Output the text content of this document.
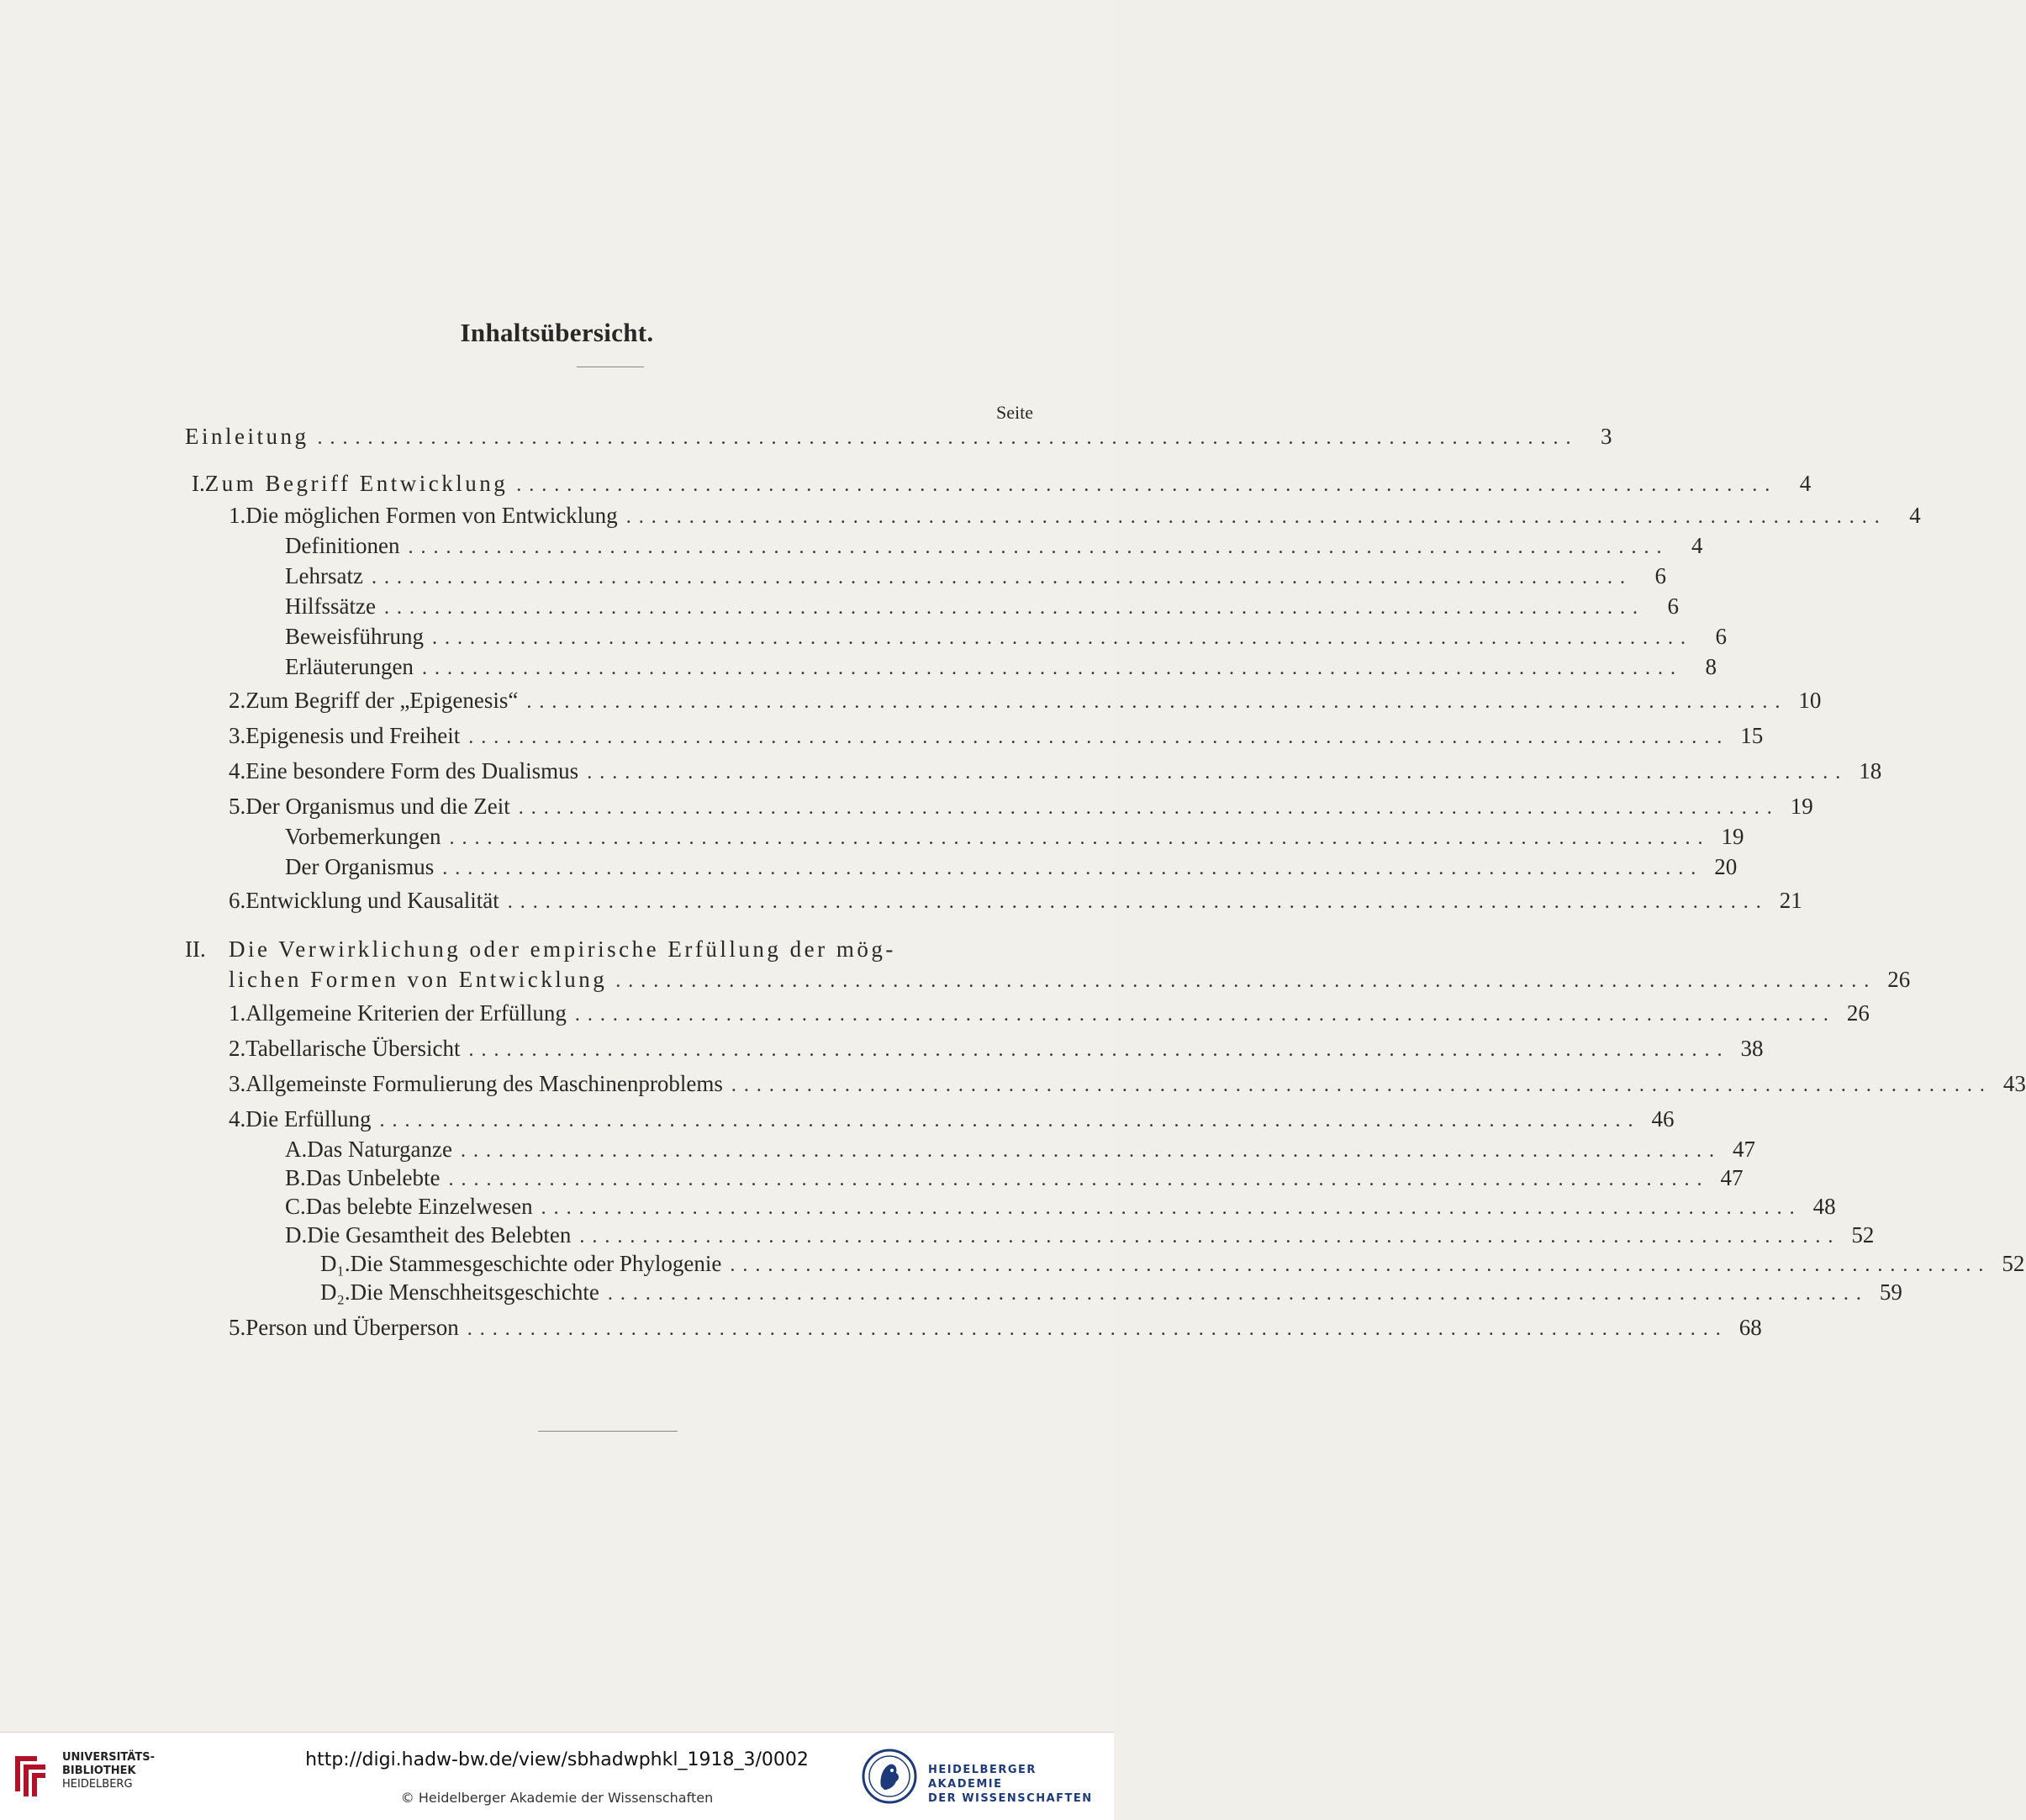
Inhaltsübersicht.
Seite
Einleitung .................................................................................................... 3
I. Zum Begriff Entwicklung .................................................................................................... 4
1. Die möglichen Formen von Entwicklung .................................................................................................... 4
Definitionen .................................................................................................... 4
Lehrsatz .................................................................................................... 6
Hilfssätze .................................................................................................... 6
Beweisführung .................................................................................................... 6
Erläuterungen .................................................................................................... 8
2. Zum Begriff der „Epigenesis“ .................................................................................................... 10
3. Epigenesis und Freiheit .................................................................................................... 15
4. Eine besondere Form des Dualismus .................................................................................................... 18
5. Der Organismus und die Zeit .................................................................................................... 19
Vorbemerkungen .................................................................................................... 19
Der Organismus .................................................................................................... 20
6. Entwicklung und Kausalität .................................................................................................... 21
II. Die Verwirklichung oder empirische Erfüllung der mög-
lichen Formen von Entwicklung .................................................................................................... 26
1. Allgemeine Kriterien der Erfüllung .................................................................................................... 26
2. Tabellarische Übersicht .................................................................................................... 38
3. Allgemeinste Formulierung des Maschinenproblems .................................................................................................... 43
4. Die Erfüllung .................................................................................................... 46
A. Das Naturganze .................................................................................................... 47
B. Das Unbelebte .................................................................................................... 47
C. Das belebte Einzelwesen .................................................................................................... 48
D. Die Gesamtheit des Belebten .................................................................................................... 52
D₁. Die Stammesgeschichte oder Phylogenie .................................................................................................... 52
D₂. Die Menschheitsgeschichte .................................................................................................... 59
5. Person und Überperson .................................................................................................... 68
UNIVERSITÄTS-
BIBLIOTHEK
HEIDELBERG
http://digi.hadw-bw.de/view/sbhadwphkl_1918_3/0002
© Heidelberger Akademie der Wissenschaften
HEIDELBERGER AKADEMIE
DER WISSENSCHAFTEN
